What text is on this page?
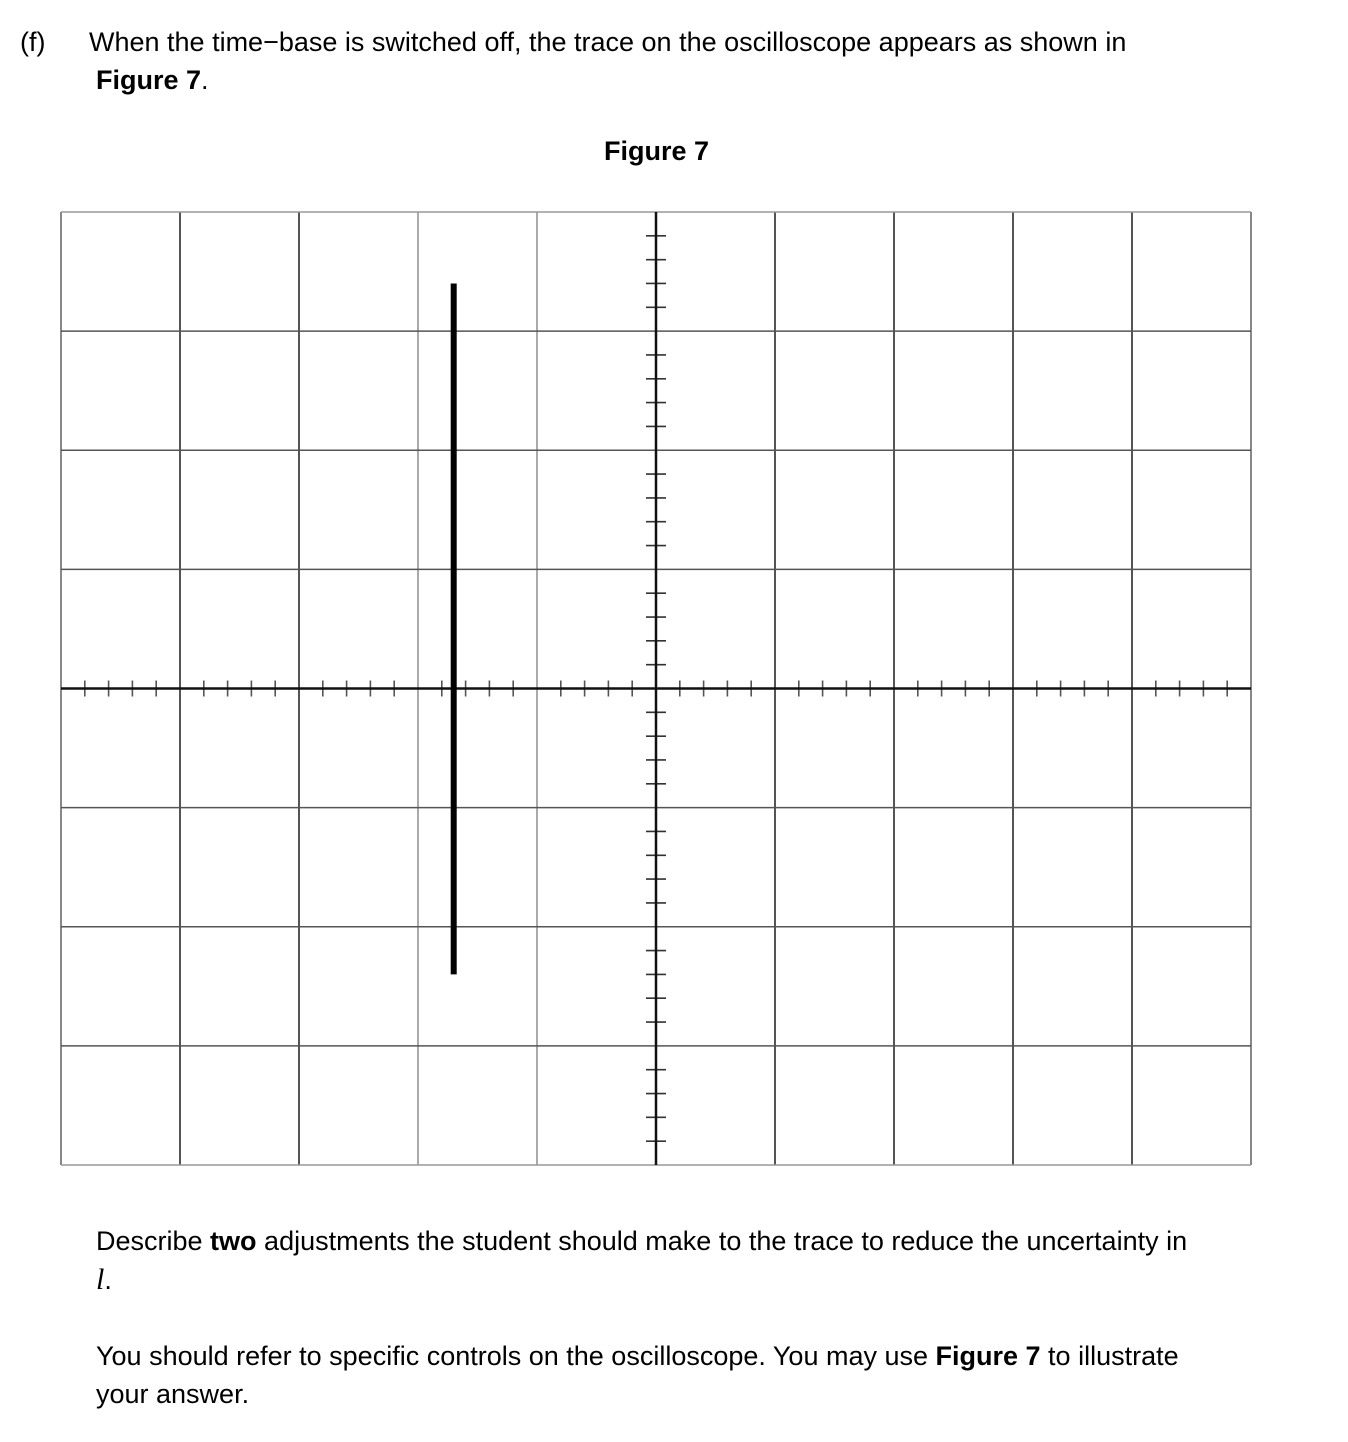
(f) When the time−base is switched off, the trace on the oscilloscope appears as shown in
Figure 7.
Figure 7
Describe two adjustments the student should make to the trace to reduce the uncertainty in
l.
You should refer to specific controls on the oscilloscope. You may use Figure 7 to illustrate
your answer.
